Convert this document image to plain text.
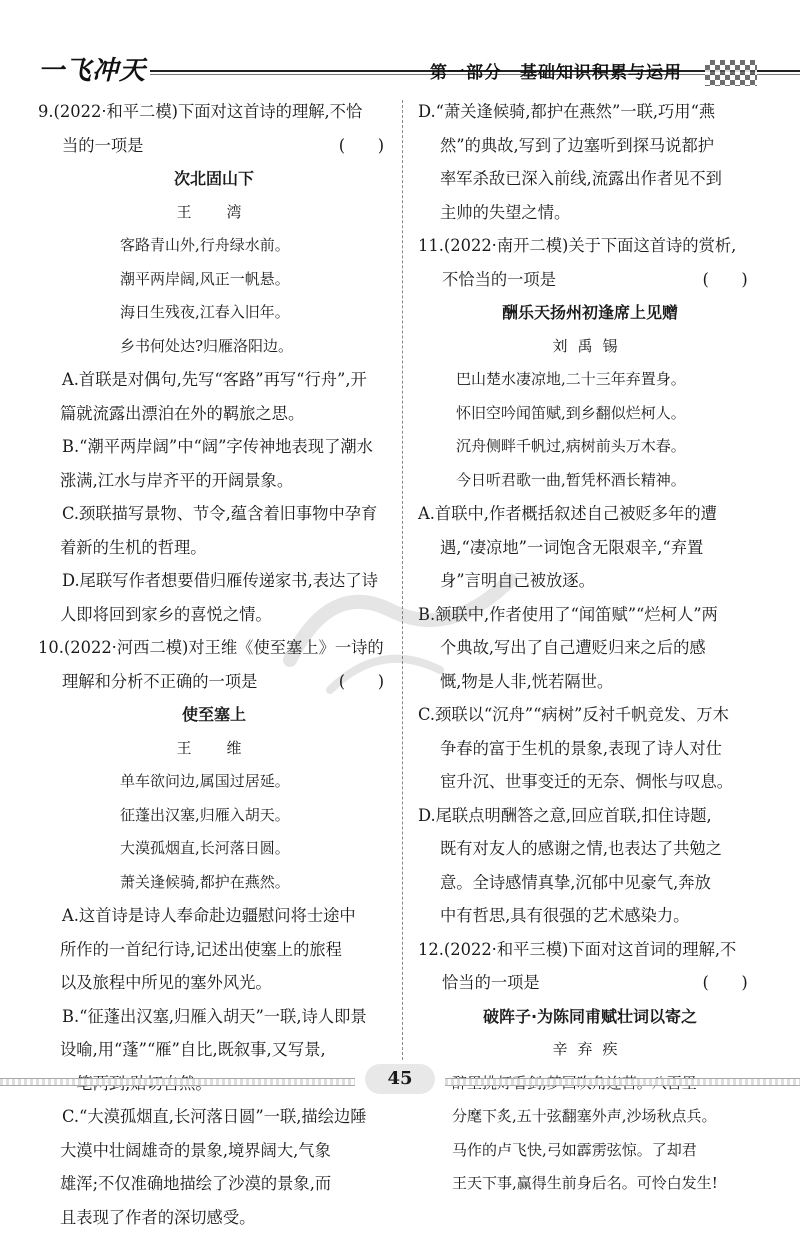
一飞冲天	第一部分　基础知识积累与运用
9.(2022·和平二模)下面对这首诗的理解,不恰
当的一项是　　　　　　　　　　　　(　　)
次北固山下
王　湾
客路青山外,行舟绿水前。
潮平两岸阔,风正一帆悬。
海日生残夜,江春入旧年。
乡书何处达?归雁洛阳边。
A.首联是对偶句,先写“客路”再写“行舟”,开
篇就流露出漂泊在外的羁旅之思。
B.“潮平两岸阔”中“阔”字传神地表现了潮水
涨满,江水与岸齐平的开阔景象。
C.颈联描写景物、节令,蕴含着旧事物中孕育
着新的生机的哲理。
D.尾联写作者想要借归雁传递家书,表达了诗
人即将回到家乡的喜悦之情。
10.(2022·河西二模)对王维《使至塞上》一诗的
理解和分析不正确的一项是　　　　　(　　)
使至塞上
王　维
单车欲问边,属国过居延。
征蓬出汉塞,归雁入胡天。
大漠孤烟直,长河落日圆。
萧关逢候骑,都护在燕然。
A.这首诗是诗人奉命赴边疆慰问将士途中
所作的一首纪行诗,记述出使塞上的旅程
以及旅程中所见的塞外风光。
B.“征蓬出汉塞,归雁入胡天”一联,诗人即景
设喻,用“蓬”“雁”自比,既叙事,又写景,
C.“大漠孤烟直,长河落日圆”一联,描绘边陲
大漠中壮阔雄奇的景象,境界阔大,气象
雄浑;不仅准确地描绘了沙漠的景象,而
且表现了作者的深切感受。
D.“萧关逢候骑,都护在燕然”一联,巧用“燕
然”的典故,写到了边塞听到探马说都护
率军杀敌已深入前线,流露出作者见不到
主帅的失望之情。
11.(2022·南开二模)关于下面这首诗的赏析,
不恰当的一项是　　　　　　　　　(　　)
酬乐天扬州初逢席上见赠
刘禹锡
巴山楚水凄凉地,二十三年弃置身。
怀旧空吟闻笛赋,到乡翻似烂柯人。
沉舟侧畔千帆过,病树前头万木春。
今日听君歌一曲,暂凭杯酒长精神。
A.首联中,作者概括叙述自己被贬多年的遭
遇,“凄凉地”一词饱含无限艰辛,“弃置
身”言明自己被放逐。
B.颔联中,作者使用了“闻笛赋”“烂柯人”两
个典故,写出了自己遭贬归来之后的感
慨,物是人非,恍若隔世。
C.颈联以“沉舟”“病树”反衬千帆竞发、万木
争春的富于生机的景象,表现了诗人对仕
宦升沉、世事变迁的无奈、惆怅与叹息。
D.尾联点明酬答之意,回应首联,扣住诗题,
既有对友人的感谢之情,也表达了共勉之
意。全诗感情真挚,沉郁中见豪气,奔放
中有哲思,具有很强的艺术感染力。
12.(2022·和平三模)下面对这首词的理解,不
恰当的一项是　　　　　　　　　　(　　)
破阵子·为陈同甫赋壮词以寄之
辛弃疾
分麾下炙,五十弦翻塞外声,沙场秋点兵。
马作的卢飞快,弓如霹雳弦惊。了却君
王天下事,赢得生前身后名。可怜白发生!
45
